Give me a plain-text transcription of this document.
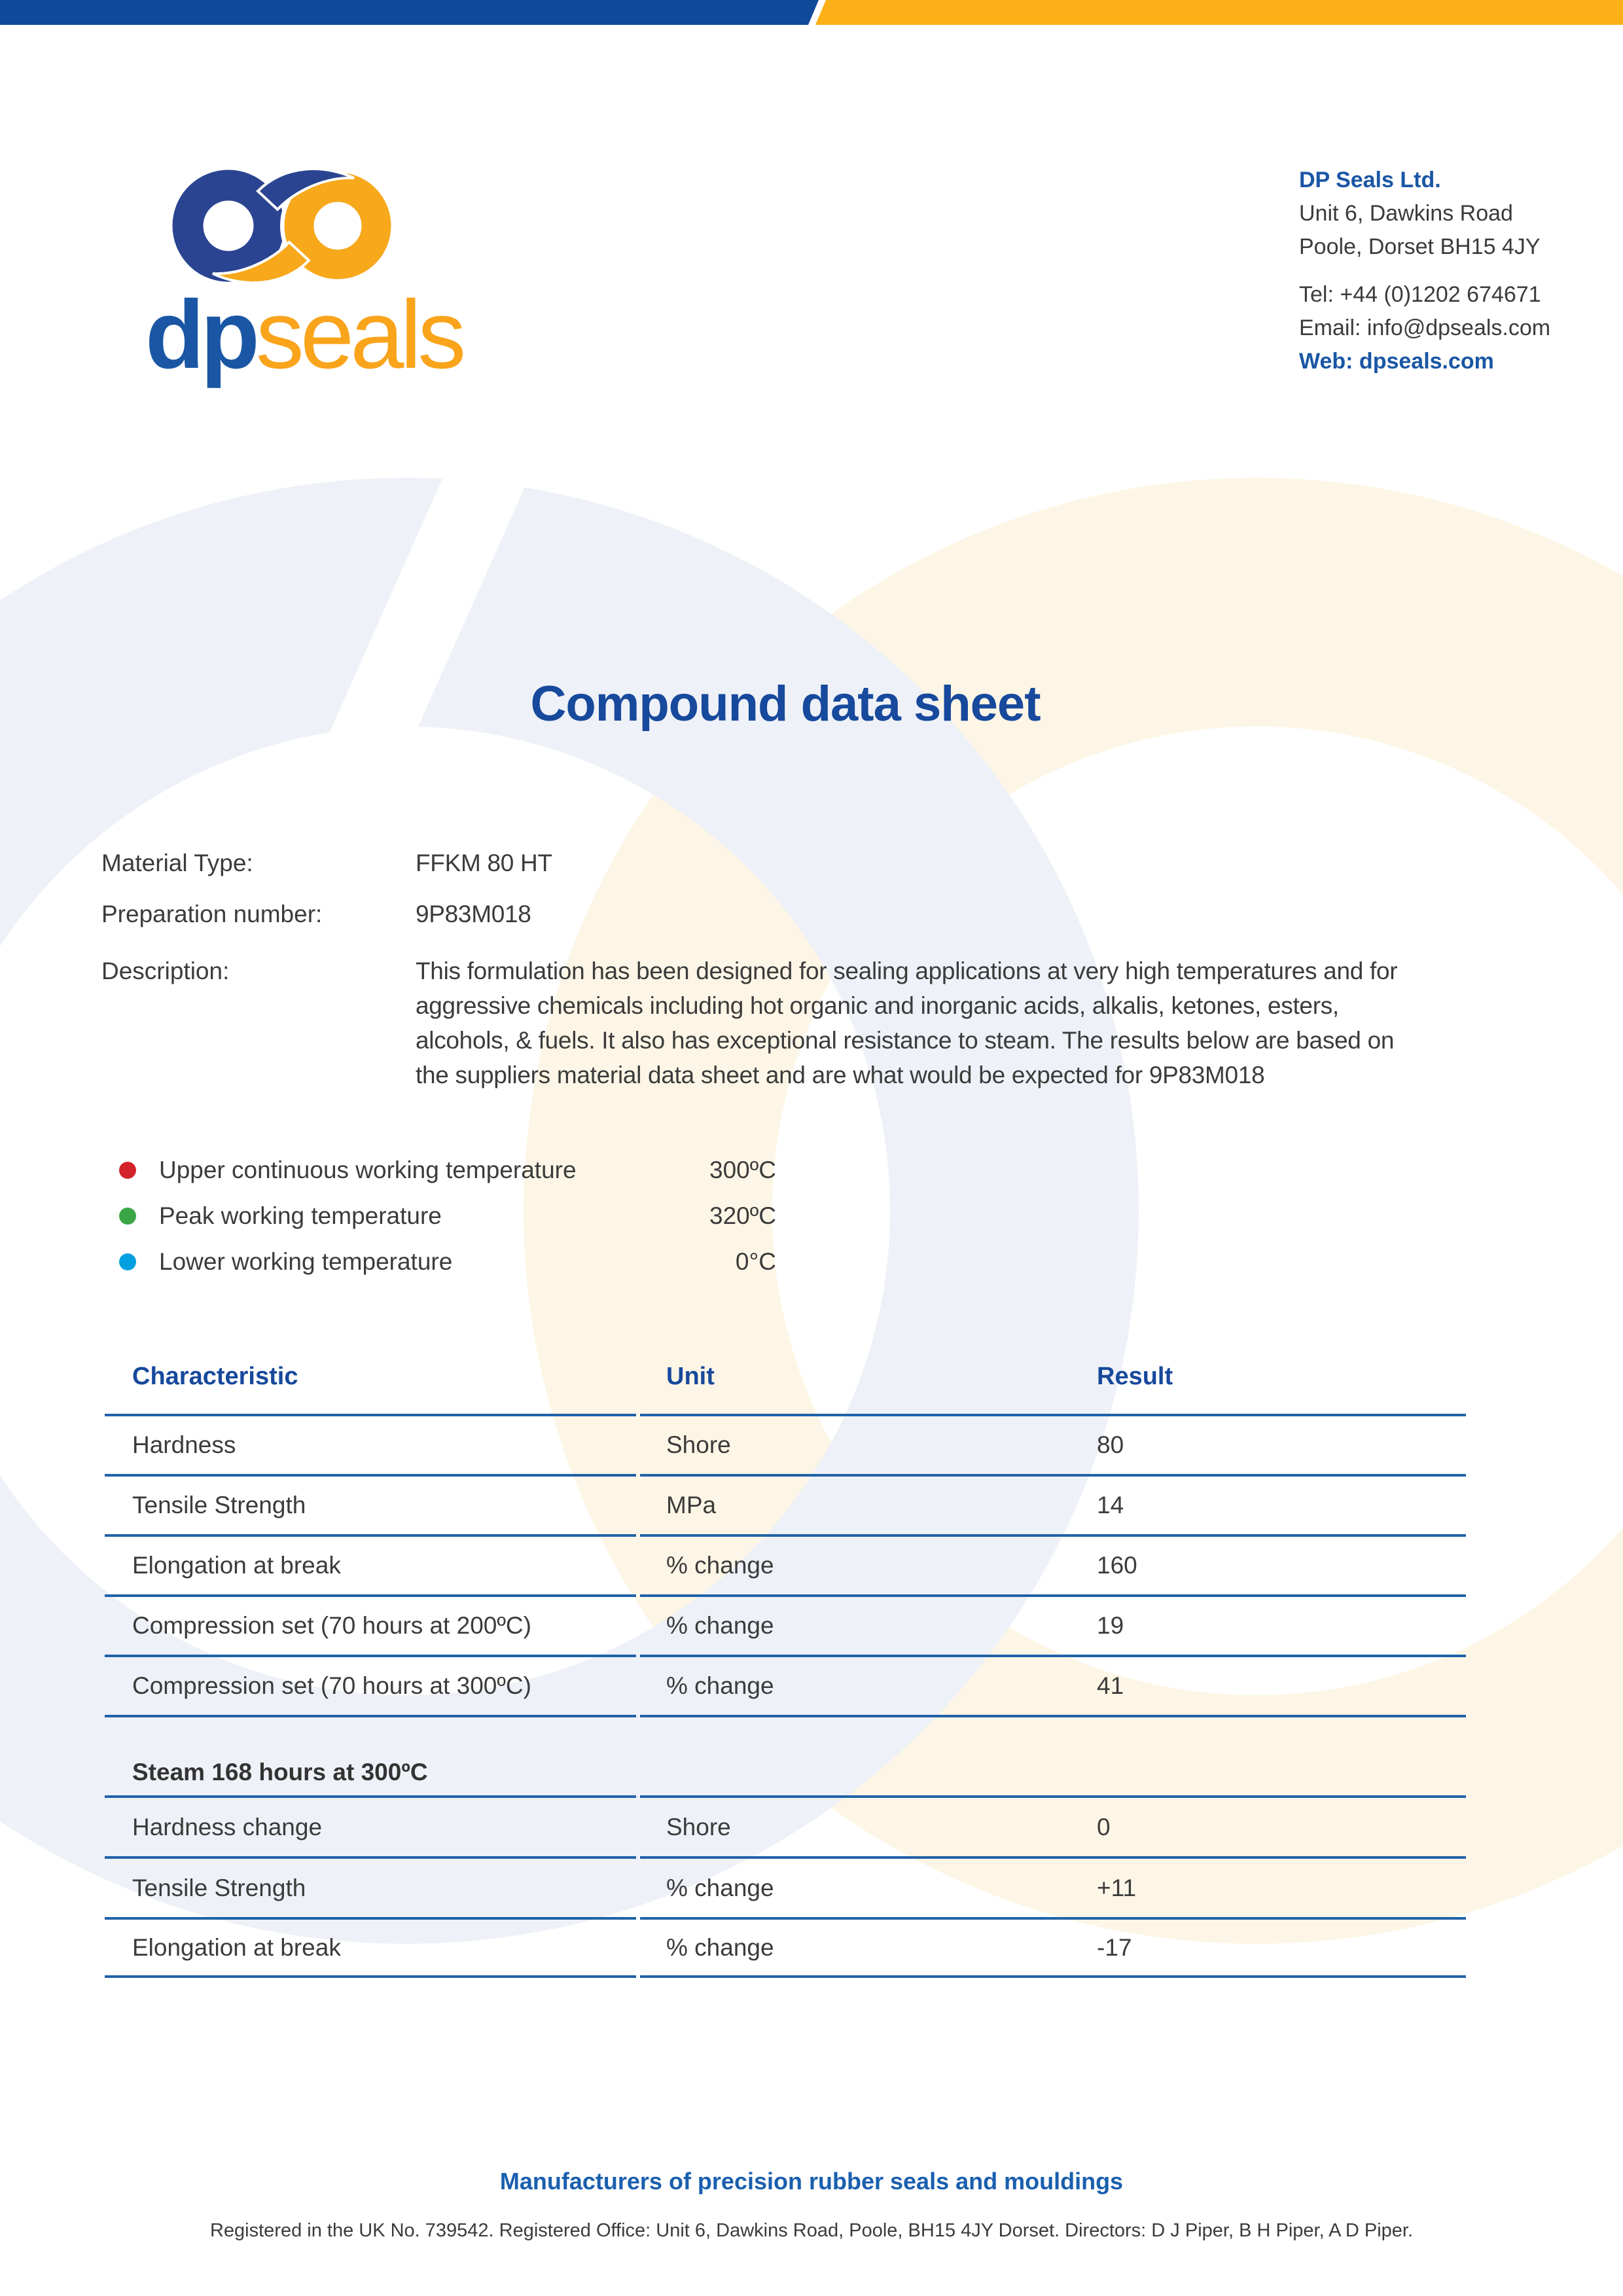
dpseals
DP Seals Ltd.
Unit 6, Dawkins Road
Poole, Dorset BH15 4JY
Tel: +44 (0)1202 674671
Email: info@dpseals.com
Web: dpseals.com
Compound data sheet
Material Type:	FFKM 80 HT
Preparation number:	9P83M018
Description:	This formulation has been designed for sealing applications at very high temperatures and for aggressive chemicals including hot organic and inorganic acids, alkalis, ketones, esters, alcohols, & fuels. It also has exceptional resistance to steam. The results below are based on the suppliers material data sheet and are what would be expected for 9P83M018
Upper continuous working temperature	300ºC
Peak working temperature	320ºC
Lower working temperature	0°C
Characteristic	Unit	Result
Hardness	Shore	80
Tensile Strength	MPa	14
Elongation at break	% change	160
Compression set (70 hours at 200ºC)	% change	19
Compression set (70 hours at 300ºC)	% change	41
Steam 168 hours at 300ºC
Hardness change	Shore	0
Tensile Strength	% change	+11
Elongation at break	% change	-17
Manufacturers of precision rubber seals and mouldings
Registered in the UK No. 739542. Registered Office: Unit 6, Dawkins Road, Poole, BH15 4JY Dorset. Directors: D J Piper, B H Piper, A D Piper.
